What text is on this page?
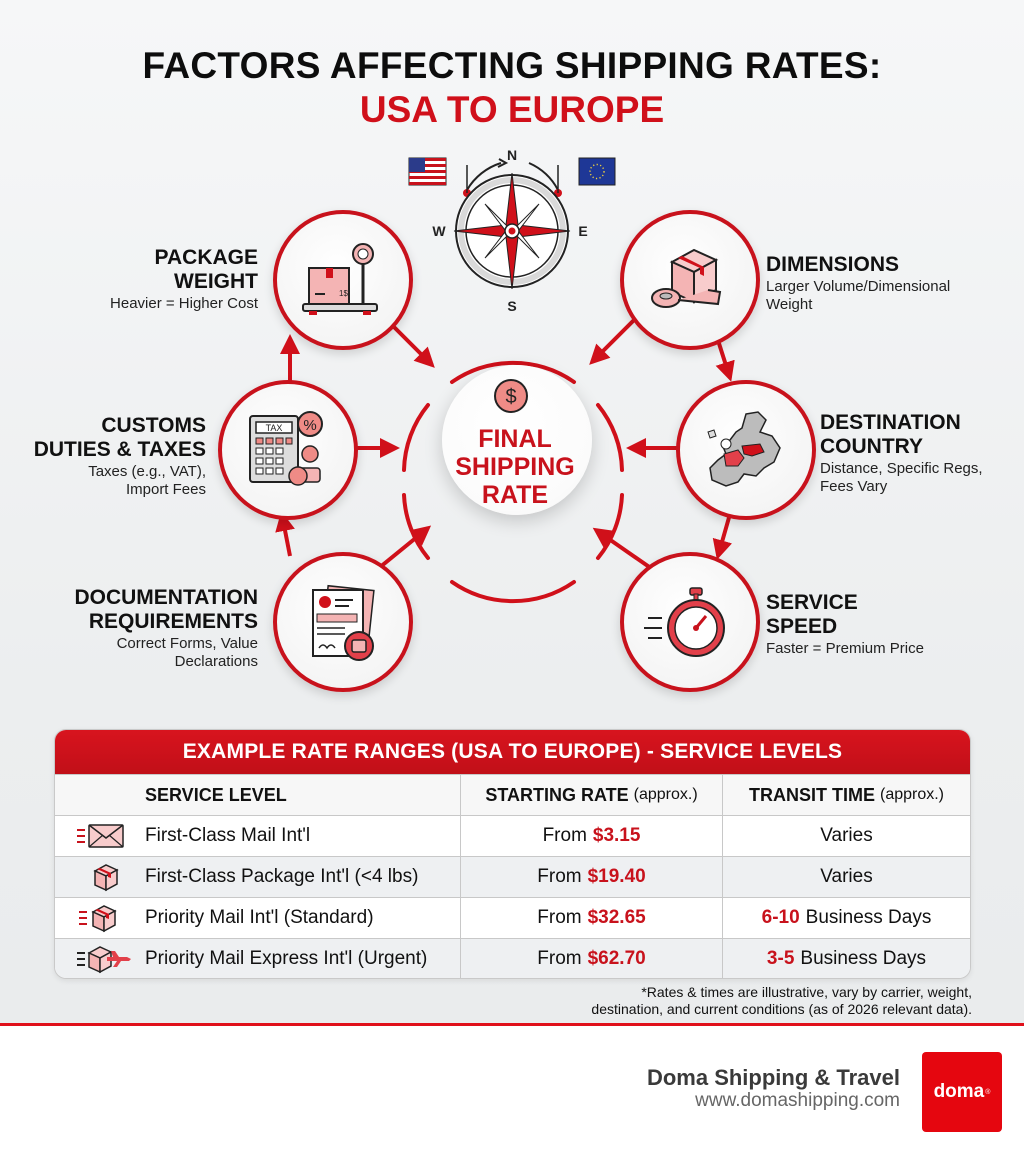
FACTORS AFFECTING SHIPPING RATES:
USA TO EUROPE
N
S
W	E
$
FINAL
SHIPPING
RATE
1$
PACKAGE
WEIGHT
Heavier = Higher Cost
DIMENSIONS
Larger Volume/Dimensional
Weight
TAX %
CUSTOMS
DUTIES & TAXES
Taxes (e.g., VAT),
Import Fees
DESTINATION
COUNTRY
Distance, Specific Regs,
Fees Vary
DOCUMENTATION
REQUIREMENTS
Correct Forms, Value
Declarations
SERVICE
SPEED
Faster = Premium Price
EXAMPLE RATE RANGES (USA TO EUROPE) - SERVICE LEVELS
SERVICE LEVEL	STARTING RATE (approx.)	TRANSIT TIME (approx.)
First-Class Mail Int'l	From $3.15	Varies
First-Class Package Int'l (<4 lbs)	From $19.40	Varies
Priority Mail Int'l (Standard)	From $32.65	6-10 Business Days
Priority Mail Express Int'l (Urgent)	From $62.70	3-5 Business Days
*Rates & times are illustrative, vary by carrier, weight,
destination, and current conditions (as of 2026 relevant data).
Doma Shipping & Travel
www.domashipping.com doma ®
